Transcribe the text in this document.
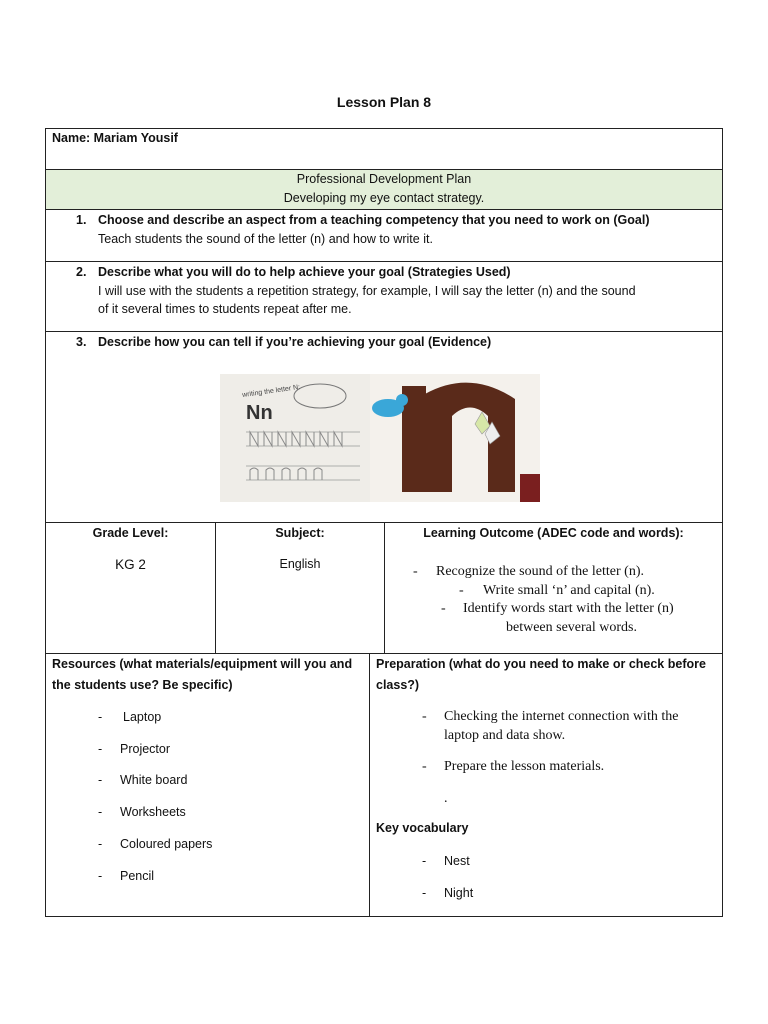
Lesson Plan 8
Name: Mariam Yousif
Professional Development Plan
Developing my eye contact strategy.
1. Choose and describe an aspect from a teaching competency that you need to work on (Goal)
Teach students the sound of the letter (n) and how to write it.
2. Describe what you will do to help achieve your goal (Strategies Used)
I will use with the students a repetition strategy, for example, I will say the letter (n) and the sound
of it several times to students repeat after me.
3. Describe how you can tell if you’re achieving your goal (Evidence)
writing the letter N:
Nn
Grade Level:
KG 2
Subject:
English
Learning Outcome (ADEC code and words):
- Recognize the sound of the letter (n).
- Write small ‘n’ and capital (n).
- Identify words start with the letter (n)
between several words.
Resources (what materials/equipment will you and
the students use? Be specific)
- Laptop
- Projector
- White board
- Worksheets
- Coloured papers
- Pencil
Preparation (what do you need to make or check before
class?)
- Checking the internet connection with the
laptop and data show.
- Prepare the lesson materials.
.
Key vocabulary
- Nest
- Night
